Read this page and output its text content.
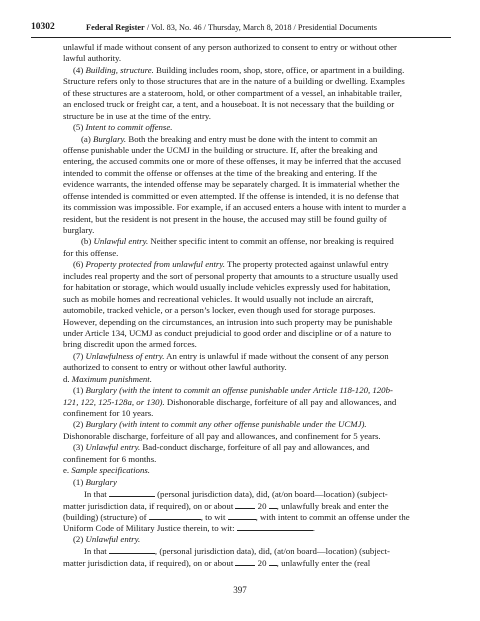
10302	Federal Register / Vol. 83, No. 46 / Thursday, March 8, 2018 / Presidential Documents
unlawful if made without consent of any person authorized to consent to entry or without other
lawful authority.
(4) Building, structure. Building includes room, shop, store, office, or apartment in a building.
Structure refers only to those structures that are in the nature of a building or dwelling. Examples
of these structures are a stateroom, hold, or other compartment of a vessel, an inhabitable trailer,
an enclosed truck or freight car, a tent, and a houseboat. It is not necessary that the building or
structure be in use at the time of the entry.
(5) Intent to commit offense.
(a) Burglary. Both the breaking and entry must be done with the intent to commit an
offense punishable under the UCMJ in the building or structure. If, after the breaking and
entering, the accused commits one or more of these offenses, it may be inferred that the accused
intended to commit the offense or offenses at the time of the breaking and entering. If the
evidence warrants, the intended offense may be separately charged. It is immaterial whether the
offense intended is committed or even attempted. If the offense is intended, it is no defense that
its commission was impossible. For example, if an accused enters a house with intent to murder a
resident, but the resident is not present in the house, the accused may still be found guilty of
burglary.
(b) Unlawful entry. Neither specific intent to commit an offense, nor breaking is required
for this offense.
(6) Property protected from unlawful entry. The property protected against unlawful entry
includes real property and the sort of personal property that amounts to a structure usually used
for habitation or storage, which would usually include vehicles expressly used for habitation,
such as mobile homes and recreational vehicles. It would usually not include an aircraft,
automobile, tracked vehicle, or a person’s locker, even though used for storage purposes.
However, depending on the circumstances, an intrusion into such property may be punishable
under Article 134, UCMJ as conduct prejudicial to good order and discipline or of a nature to
bring discredit upon the armed forces.
(7) Unlawfulness of entry. An entry is unlawful if made without the consent of any person
authorized to consent to entry or without other lawful authority.
d. Maximum punishment.
(1) Burglary (with the intent to commit an offense punishable under Article 118-120, 120b-
121, 122, 125-128a, or 130). Dishonorable discharge, forfeiture of all pay and allowances, and
confinement for 10 years.
(2) Burglary (with intent to commit any other offense punishable under the UCMJ).
Dishonorable discharge, forfeiture of all pay and allowances, and confinement for 5 years.
(3) Unlawful entry. Bad-conduct discharge, forfeiture of all pay and allowances, and
confinement for 6 months.
e. Sample specifications.
(1) Burglary
In that	(personal jurisdiction data), did, (at/on board—location) (subject-
matter jurisdiction data, if required), on or about  20 , unlawfully break and enter the
(building) (structure) of	, to wit	, with intent to commit an offense under the
Uniform Code of Military Justice therein, to wit:	.
(2) Unlawful entry.
In that	, (personal jurisdiction data), did, (at/on board—location) (subject-
matter jurisdiction data, if required), on or about  20 , unlawfully enter the (real
397
